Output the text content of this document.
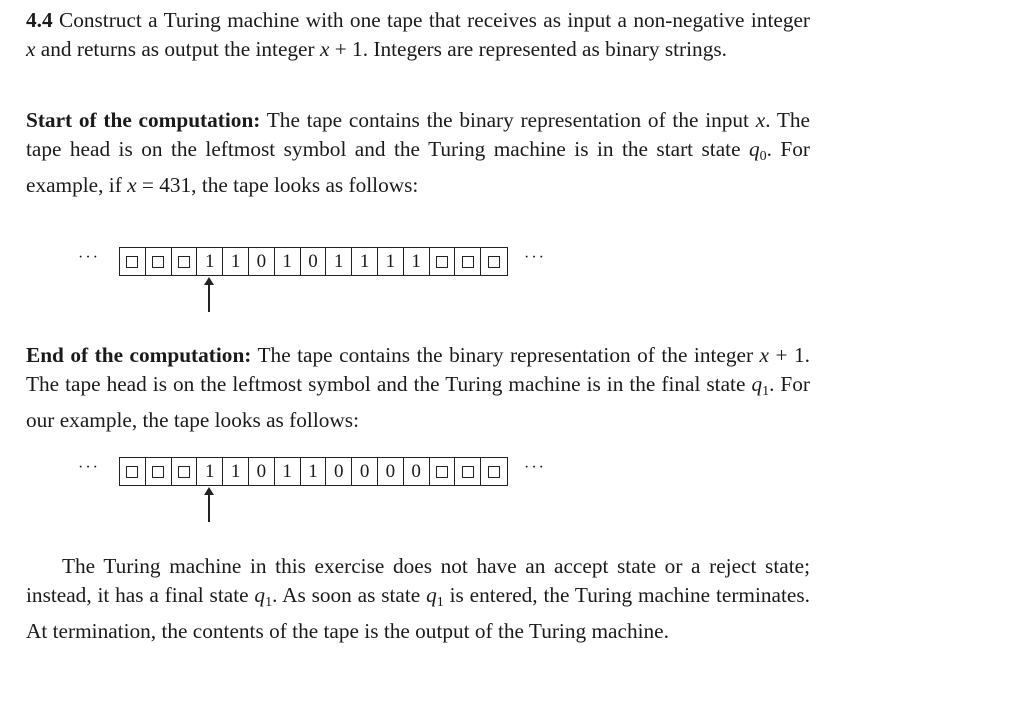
4.4 Construct a Turing machine with one tape that receives as input a non-negative integer x and returns as output the integer x + 1. Integers are represented as binary strings.

Start of the computation: The tape contains the binary representation of the input x. The tape head is on the leftmost symbol and the Turing machine is in the start state $q_0$. For example, if x = 431, the tape looks as follows:

···	1 1 0 1 0 1 1 1 1	···

End of the computation: The tape contains the binary representation of the integer x + 1. The tape head is on the leftmost symbol and the Turing machine is in the final state $q_1$. For our example, the tape looks as follows:

···	1 1 0 1 1 0 0 0 0	···

The Turing machine in this exercise does not have an accept state or a reject state; instead, it has a final state $q_1$. As soon as state $q_1$ is entered, the Turing machine terminates. At termination, the contents of the tape is the output of the Turing machine.
